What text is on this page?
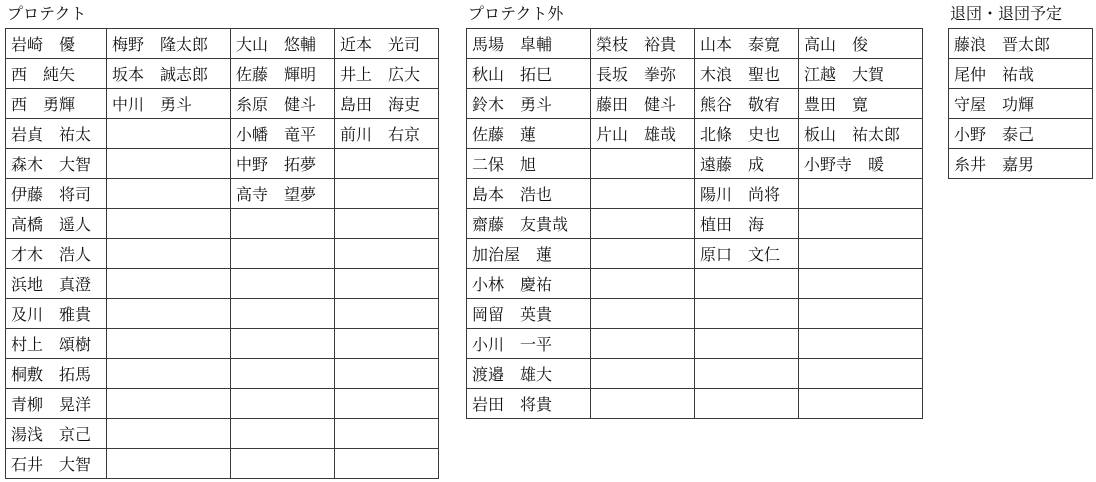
プロテクト
岩崎　優	梅野　隆太郎	大山　悠輔	近本　光司
西　純矢	坂本　誠志郎	佐藤　輝明	井上　広大
西　勇輝	中川　勇斗	糸原　健斗	島田　海吏
岩貞　祐太		小幡　竜平	前川　右京
森木　大智		中野　拓夢	
伊藤　将司		高寺　望夢	
高橋　遥人			
才木　浩人			
浜地　真澄			
及川　雅貴			
村上　頌樹			
桐敷　拓馬			
青柳　晃洋			
湯浅　京己			
石井　大智			
プロテクト外
馬場　皐輔	榮枝　裕貴	山本　泰寛	高山　俊
秋山　拓巳	長坂　拳弥	木浪　聖也	江越　大賀
鈴木　勇斗	藤田　健斗	熊谷　敬宥	豊田　寛
佐藤　蓮	片山　雄哉	北條　史也	板山　祐太郎
二保　旭		遠藤　成	小野寺　暖
島本　浩也		陽川　尚将	
齋藤　友貴哉		植田　海	
加治屋　蓮		原口　文仁	
小林　慶祐			
岡留　英貴			
小川　一平			
渡邉　雄大			
岩田　将貴			
退団・退団予定
藤浪　晋太郎
尾仲　祐哉
守屋　功輝
小野　泰己
糸井　嘉男
